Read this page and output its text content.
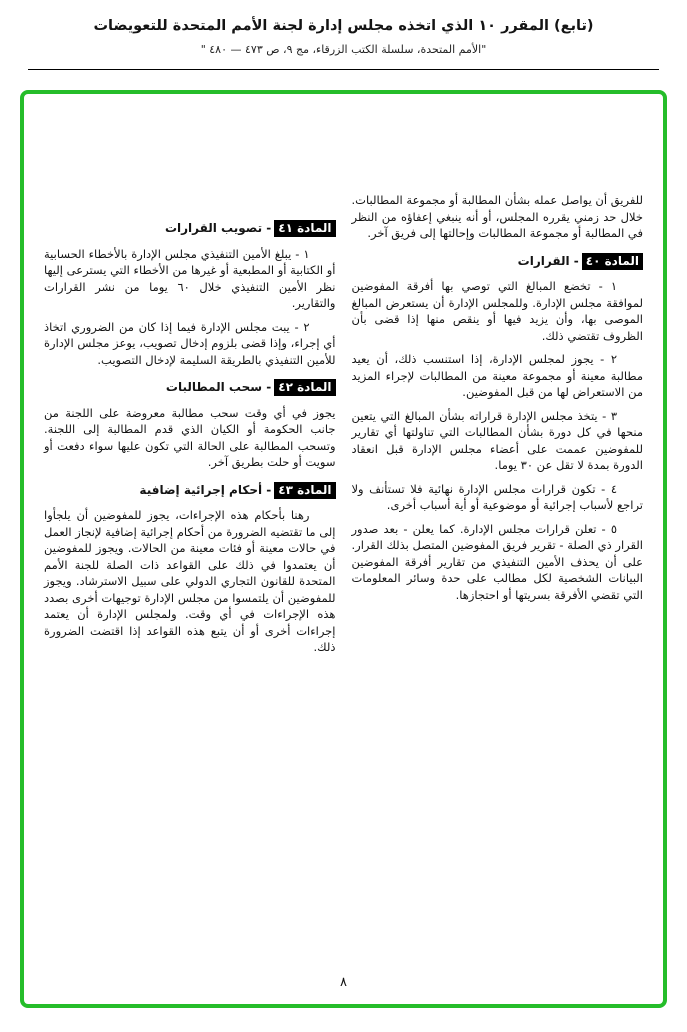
(تابع) المقرر ١٠ الذي اتخذه مجلس إدارة لجنة الأمم المتحدة للتعويضات
"الأمم المتحدة، سلسلة الكتب الزرقاء، مج ٩، ص ٤٧٣ — ٤٨٠ "

للفريق أن يواصل عمله بشأن المطالبة أو مجموعة المطالبات. خلال حد زمني يقرره المجلس، أو أنه ينبغي إعفاؤه من النظر في المطالبة أو مجموعة المطالبات وإحالتها إلى فريق آخر.

المادة ٤٠- القرارات

١ - تخضع المبالغ التي توصي بها أفرقة المفوضين لموافقة مجلس الإدارة. وللمجلس الإدارة أن يستعرض المبالغ الموصى بها، وأن يزيد فيها أو ينقص منها إذا قضى بأن الظروف تقتضي ذلك.

٢ - يجوز لمجلس الإدارة، إذا استنسب ذلك، أن يعيد مطالبة معينة أو مجموعة معينة من المطالبات لإجراء المزيد من الاستعراض لها من قبل المفوضين.

٣ - يتخذ مجلس الإدارة قراراته بشأن المبالغ التي يتعين منحها في كل دورة بشأن المطالبات التي تناولتها أي تقارير للمفوضين عممت على أعضاء مجلس الإدارة قبل انعقاد الدورة بمدة لا تقل عن ٣٠ يوما.

٤ - تكون قرارات مجلس الإدارة نهائية فلا تستأنف ولا تراجع لأسباب إجرائية أو موضوعية أو أية أسباب أخرى.

٥ - تعلن قرارات مجلس الإدارة. كما يعلن - بعد صدور القرار ذي الصلة - تقرير فريق المفوضين المتصل بذلك القرار. على أن يحذف الأمين التنفيذي من تقارير أفرقة المفوضين البيانات الشخصية لكل مطالب على حدة وسائر المعلومات التي تقضي الأفرقة بسريتها أو احتجازها.

المادة ٤١- تصويب القرارات

١ - يبلغ الأمين التنفيذي مجلس الإدارة بالأخطاء الحسابية أو الكتابية أو المطبعية أو غيرها من الأخطاء التي يسترعى إليها نظر الأمين التنفيذي خلال ٦٠ يوما من نشر القرارات والتقارير.

٢ - يبت مجلس الإدارة فيما إذا كان من الضروري اتخاذ أي إجراء، وإذا قضى بلزوم إدخال تصويب، يوعز مجلس الإدارة للأمين التنفيذي بالطريقة السليمة لإدخال التصويب.

المادة ٤٢- سحب المطالبات

يجوز في أي وقت سحب مطالبة معروضة على اللجنة من جانب الحكومة أو الكيان الذي قدم المطالبة إلى اللجنة. وتسحب المطالبة على الحالة التي تكون عليها سواء دفعت أو سويت أو حلت بطريق آخر.

المادة ٤٣- أحكام إجرائية إضافية

رهنا بأحكام هذه الإجراءات، يجوز للمفوضين أن يلجأوا إلى ما تقتضيه الضرورة من أحكام إجرائية إضافية لإنجاز العمل في حالات معينة أو فئات معينة من الحالات. ويجوز للمفوضين أن يعتمدوا في ذلك على القواعد ذات الصلة للجنة الأمم المتحدة للقانون التجاري الدولي على سبيل الاسترشاد. ويجوز للمفوضين أن يلتمسوا من مجلس الإدارة توجيهات أخرى بصدد هذه الإجراءات في أي وقت. ولمجلس الإدارة أن يعتمد إجراءات أخرى أو أن يتبع هذه القواعد إذا اقتضت الضرورة ذلك.

٨
